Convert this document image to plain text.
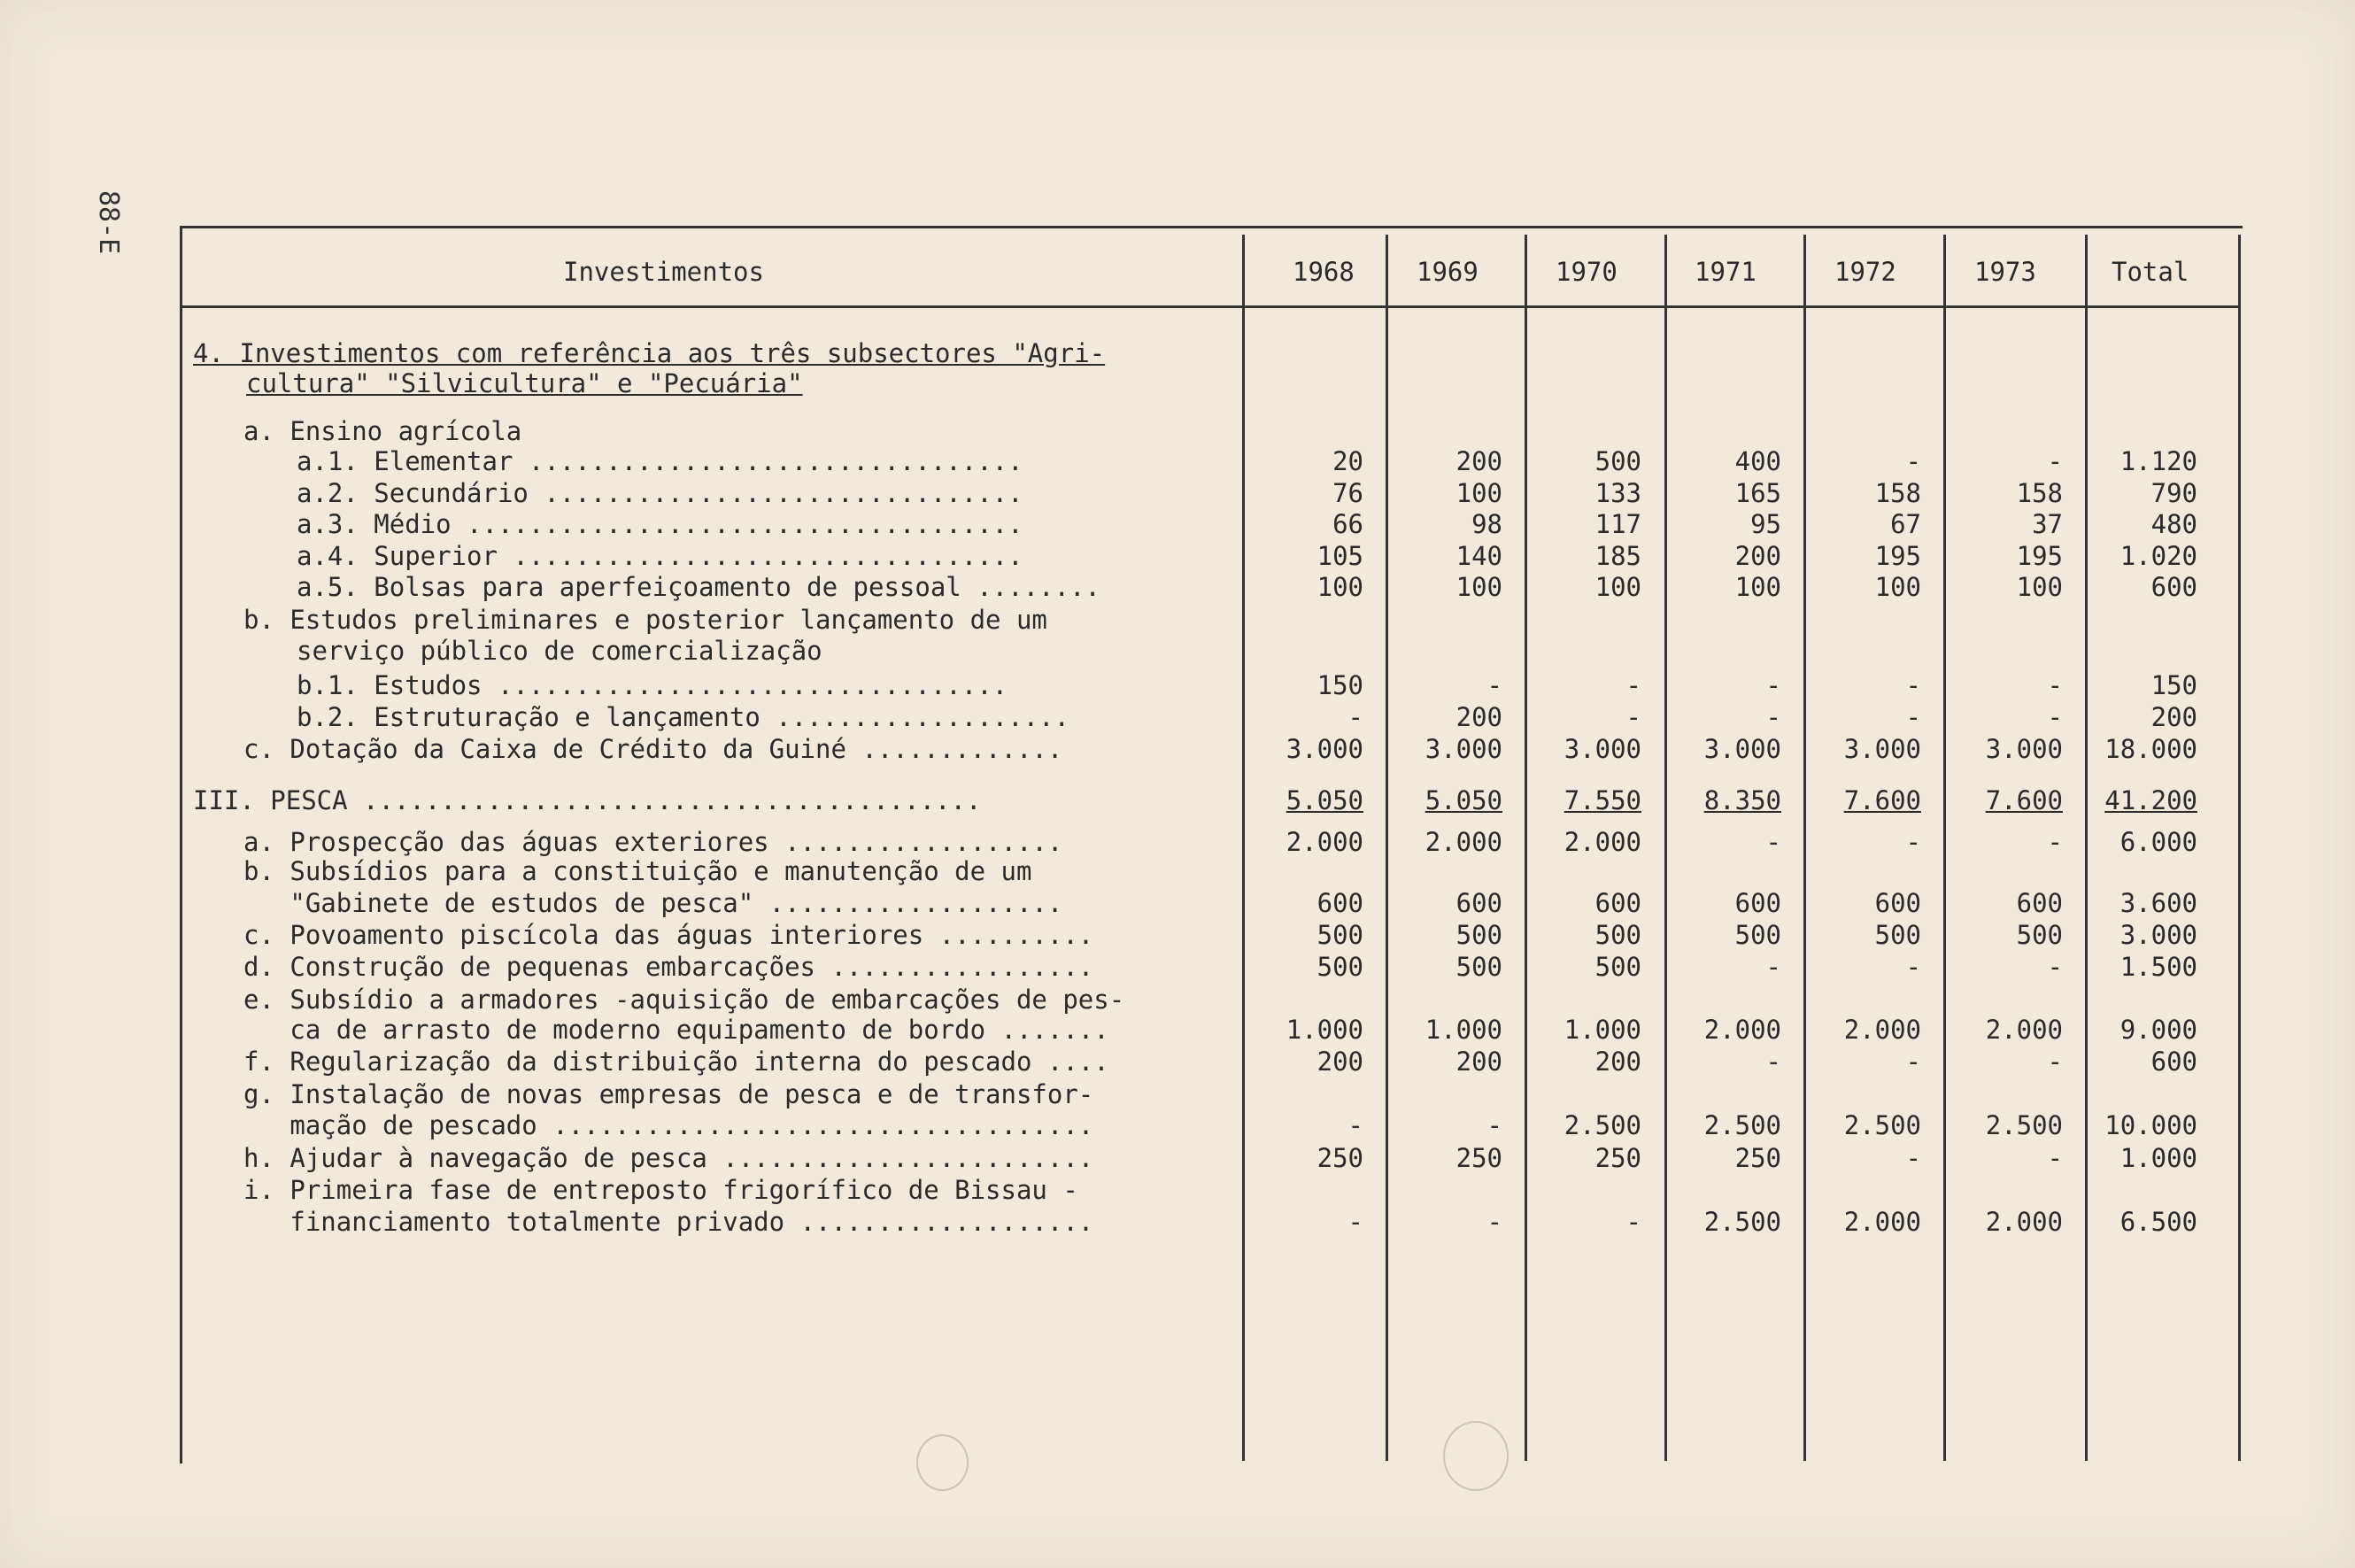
88-E
Investimentos	1968 1969	1970	1971	1972	1973	Total
4. Investimentos com referência aos três subsectores "Agri-
cultura" "Silvicultura" e "Pecuária"
a. Ensino agrícola
a.1. Elementar ................................	20	200	500	400	-	- 1.120
a.2. Secundário ...............................	76	100	133	165	158	158	790
a.3. Médio ....................................	66	98	117	95	67	37	480
a.4. Superior .................................	105	140	185	200	195	195 1.020
a.5. Bolsas para aperfeiçoamento de pessoal ........	100	100	100	100	100	100	600
b. Estudos preliminares e posterior lançamento de um
serviço público de comercialização
b.1. Estudos .................................	150	-	-	-	-	-	150
b.2. Estruturação e lançamento ...................	-	200	-	-	-	-	200
c. Dotação da Caixa de Crédito da Guiné .............	3.000 3.000 3.000 3.000 3.000	3.000 18.000
III. PESCA ........................................	5.050 5.050 7.550 8.350 7.600	7.600 41.200
a. Prospecção das águas exteriores ..................	2.000 2.000 2.000	-	-	- 6.000
b. Subsídios para a constituição e manutenção de um
"Gabinete de estudos de pesca" ...................	600	600	600	600	600	600 3.600
c. Povoamento piscícola das águas interiores ..........	500	500	500	500	500	500 3.000
d. Construção de pequenas embarcações .................	500	500	500	-	-	- 1.500
e. Subsídio a armadores -aquisição de embarcações de pes-
ca de arrasto de moderno equipamento de bordo .......	1.000 1.000 1.000 2.000 2.000	2.000 9.000
f. Regularização da distribuição interna do pescado ....	200	200	200	-	-	-	600
g. Instalação de novas empresas de pesca e de transfor-
mação de pescado ...................................	-	- 2.500 2.500 2.500	2.500 10.000
h. Ajudar à navegação de pesca ........................	250	250	250	250	-	- 1.000
i. Primeira fase de entreposto frigorífico de Bissau -
financiamento totalmente privado ...................	-	-	- 2.500 2.000	2.000 6.500
